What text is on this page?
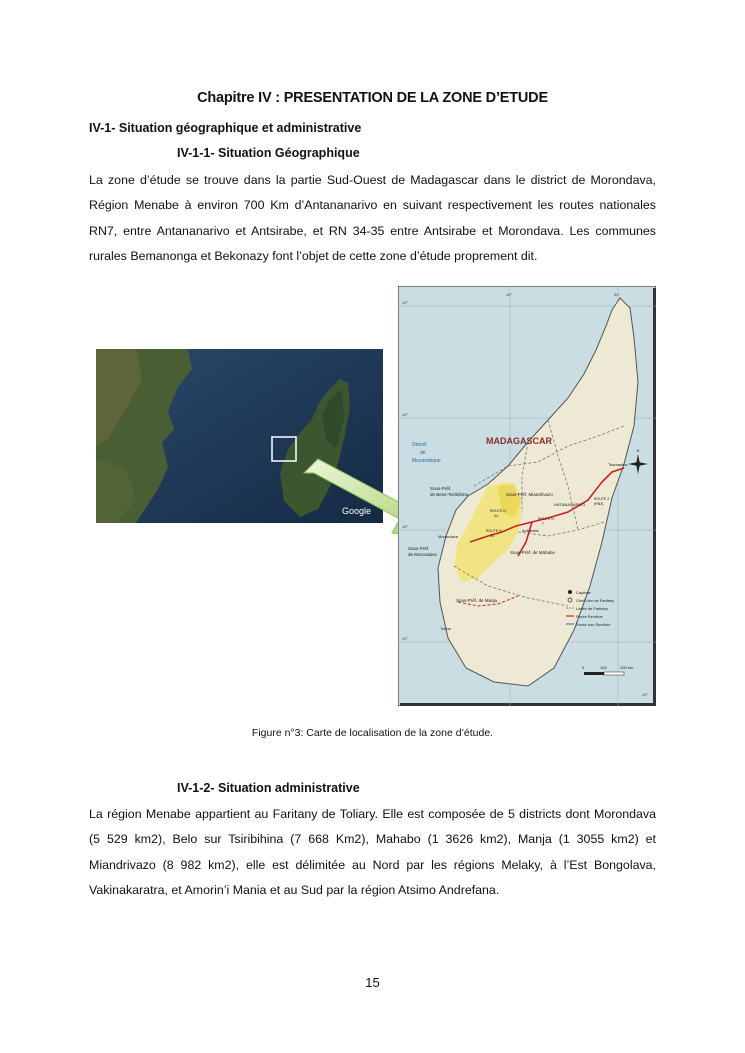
Chapitre IV : PRESENTATION DE LA ZONE D’ETUDE
IV-1- Situation géographique et administrative
IV-1-1- Situation Géographique
La zone d’étude se trouve dans la partie Sud-Ouest de Madagascar dans le district de Morondava, Région Menabe à environ 700 Km d’Antananarivo en suivant respectivement les routes nationales RN7, entre Antananarivo et Antsirabe, et RN 34-35 entre Antsirabe et Morondava. Les communes rurales Bemanonga et Bekonazy font l’objet de cette zone d’étude proprement dit.
Google
MADAGASCAR
Détroit
de
Mozambique
Sous-Préf.
de Beso-Tsiribihina	Sous-Préf. Miandrivazo
Sous-Préf.
de Morondava	Sous-Préf. de Mahabo
Sous-Préf. de Manja
ANTANANARIVO
Toamasina
Antsirabe
Morondava
Tuléar
ROUTE N
34
ROUTE N
35
ROUTE N
7
ROUTE 2
(RN2)
12°
15°
18°
21°
24°
45°	50°
N
Capitale
Chef Lieu de Faritany
Limite de Faritany
Route Revêtue
Route non Revêtue
0	100	200 km
Figure n°3: Carte de localisation de la zone d’étude.
IV-1-2- Situation administrative
La région Menabe appartient au Faritany de Toliary. Elle est composée de 5 districts dont Morondava (5 529 km2), Belo sur Tsiribihina (7 668 Km2), Mahabo (1 3626 km2), Manja (1 3055 km2) et Miandrivazo (8 982 km2), elle est délimitée au Nord par les régions Melaky, à l’Est Bongolava, Vakinakaratra, et Amorin’i Mania et au Sud par la région Atsimo Andrefana.
15
